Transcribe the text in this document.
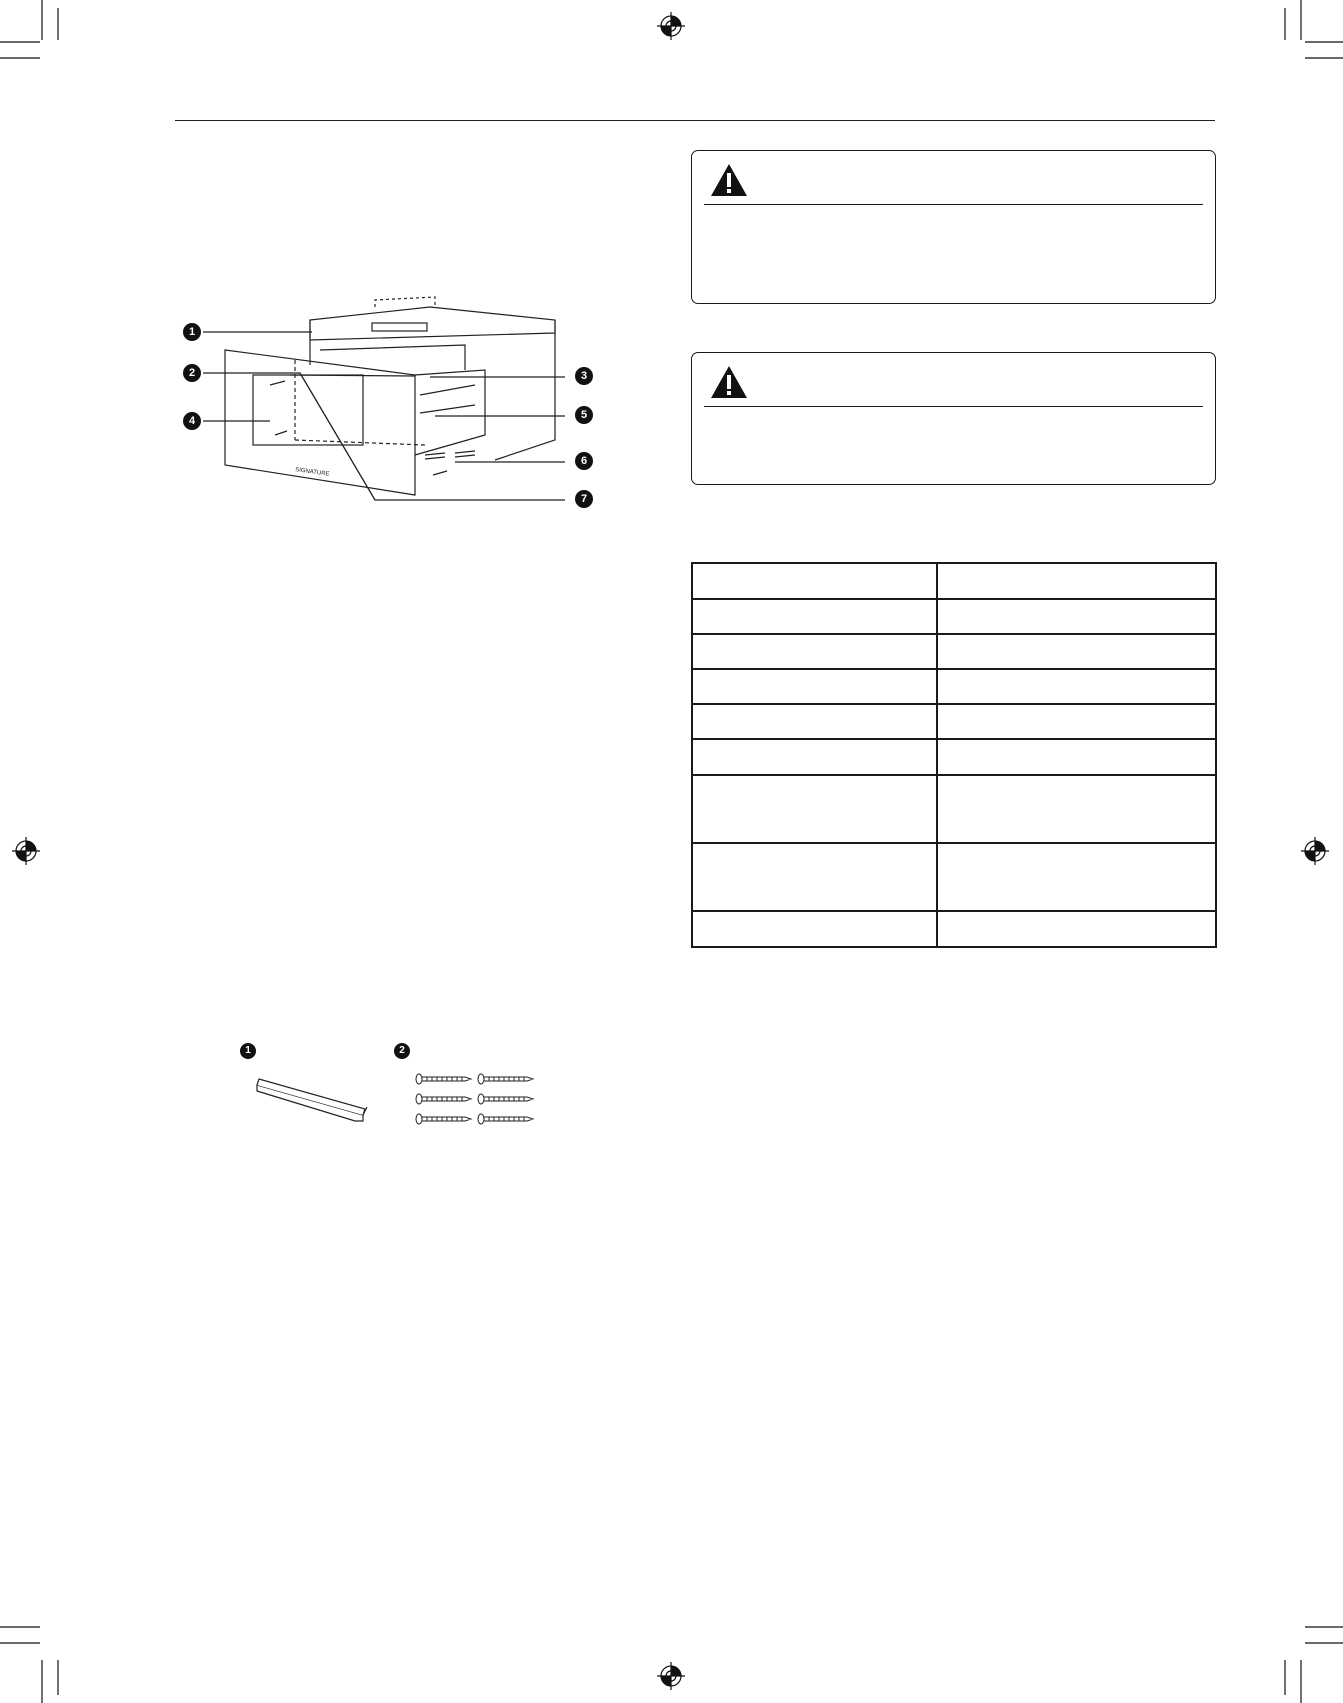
SIGNATURE
1
2	3
4	5
6
7
1	2
